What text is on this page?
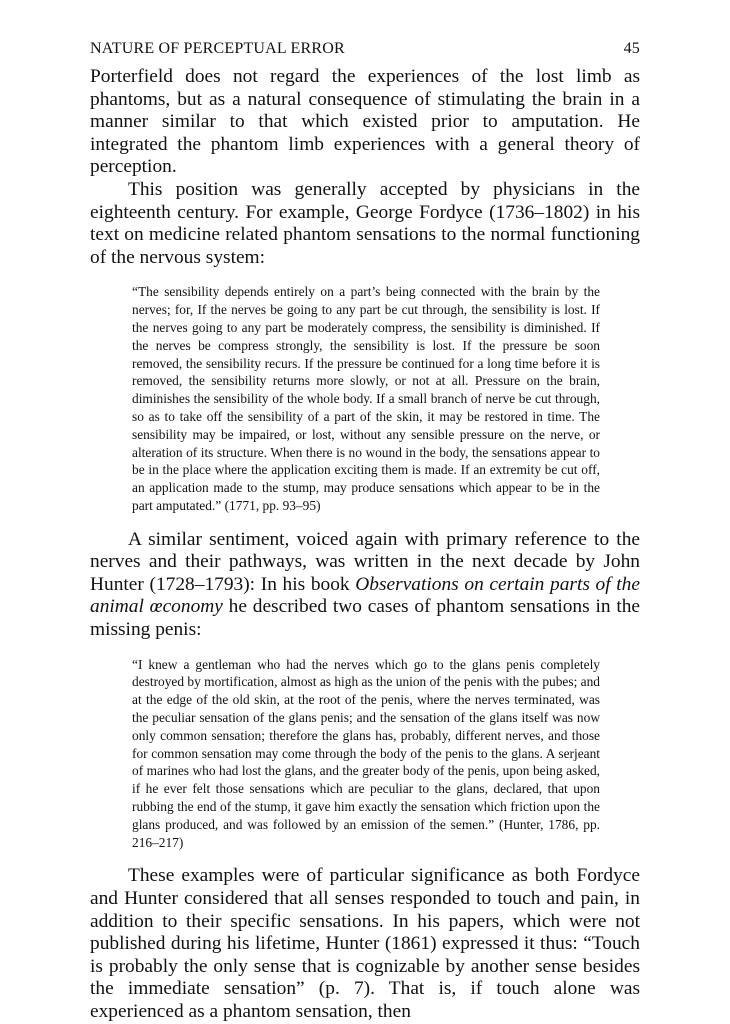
NATURE OF PERCEPTUAL ERROR	45

Porterfield does not regard the experiences of the lost limb as phantoms, but as a natural consequence of stimulating the brain in a manner similar to that which existed prior to amputation. He integrated the phantom limb experiences with a general theory of perception.

This position was generally accepted by physicians in the eighteenth century. For example, George Fordyce (1736–1802) in his text on medicine related phantom sensations to the normal functioning of the nervous system:

“The sensibility depends entirely on a part’s being connected with the brain by the nerves; for, If the nerves be going to any part be cut through, the sensibility is lost. If the nerves going to any part be moderately compress, the sensibility is diminished. If the nerves be compress strongly, the sensibility is lost. If the pressure be soon removed, the sensibility recurs. If the pressure be continued for a long time before it is removed, the sensibility returns more slowly, or not at all. Pressure on the brain, diminishes the sensibility of the whole body. If a small branch of nerve be cut through, so as to take off the sensibility of a part of the skin, it may be restored in time. The sensibility may be impaired, or lost, without any sensible pressure on the nerve, or alteration of its structure. When there is no wound in the body, the sensations appear to be in the place where the application exciting them is made. If an extremity be cut off, an application made to the stump, may produce sensations which appear to be in the part amputated.” (1771, pp. 93–95)

A similar sentiment, voiced again with primary reference to the nerves and their pathways, was written in the next decade by John Hunter (1728–1793): In his book Observations on certain parts of the animal œconomy he described two cases of phantom sensations in the missing penis:

“I knew a gentleman who had the nerves which go to the glans penis completely destroyed by mortification, almost as high as the union of the penis with the pubes; and at the edge of the old skin, at the root of the penis, where the nerves terminated, was the peculiar sensation of the glans penis; and the sensation of the glans itself was now only common sensation; therefore the glans has, probably, different nerves, and those for common sensation may come through the body of the penis to the glans. A serjeant of marines who had lost the glans, and the greater body of the penis, upon being asked, if he ever felt those sensations which are peculiar to the glans, declared, that upon rubbing the end of the stump, it gave him exactly the sensation which friction upon the glans produced, and was followed by an emission of the semen.” (Hunter, 1786, pp. 216–217)

These examples were of particular significance as both Fordyce and Hunter considered that all senses responded to touch and pain, in addition to their specific sensations. In his papers, which were not published during his lifetime, Hunter (1861) expressed it thus: “Touch is probably the only sense that is cognizable by another sense besides the immediate sensation” (p. 7). That is, if touch alone was experienced as a phantom sensation, then
